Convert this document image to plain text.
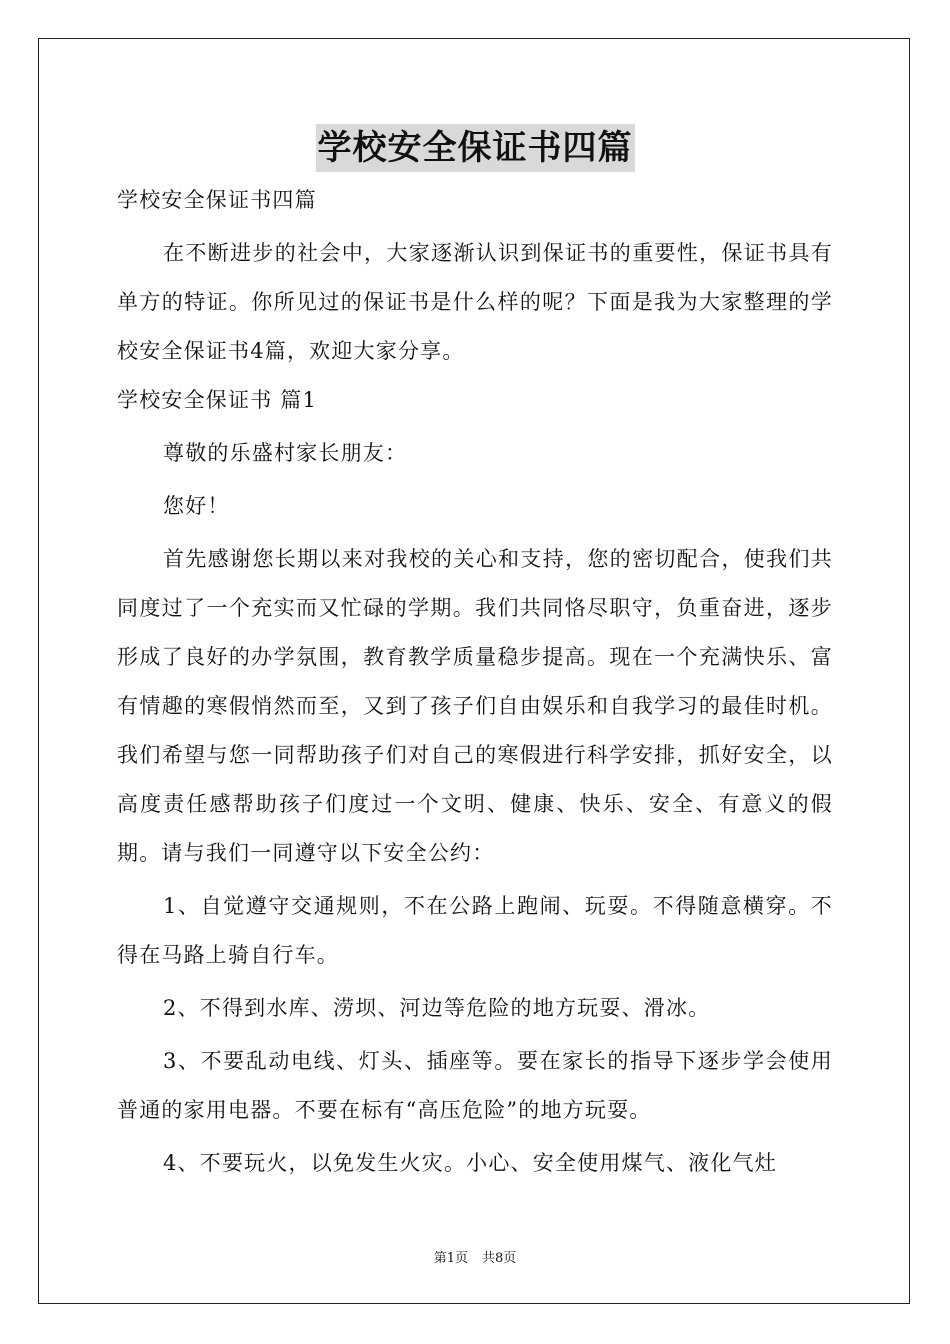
学校安全保证书四篇

学校安全保证书四篇

在不断进步的社会中，大家逐渐认识到保证书的重要性，保证书具有单方的特证。你所见过的保证书是什么样的呢？下面是我为大家整理的学校安全保证书4篇，欢迎大家分享。

学校安全保证书 篇1

尊敬的乐盛村家长朋友：

您好！

首先感谢您长期以来对我校的关心和支持，您的密切配合，使我们共同度过了一个充实而又忙碌的学期。我们共同恪尽职守，负重奋进，逐步形成了良好的办学氛围，教育教学质量稳步提高。现在一个充满快乐、富有情趣的寒假悄然而至，又到了孩子们自由娱乐和自我学习的最佳时机。我们希望与您一同帮助孩子们对自己的寒假进行科学安排，抓好安全，以高度责任感帮助孩子们度过一个文明、健康、快乐、安全、有意义的假期。请与我们一同遵守以下安全公约：

1、自觉遵守交通规则，不在公路上跑闹、玩耍。不得随意横穿。不得在马路上骑自行车。

2、不得到水库、涝坝、河边等危险的地方玩耍、滑冰。

3、不要乱动电线、灯头、插座等。要在家长的指导下逐步学会使用普通的家用电器。不要在标有“高压危险”的地方玩耍。

4、不要玩火，以免发生火灾。小心、安全使用煤气、液化气灶

第1页 共8页
